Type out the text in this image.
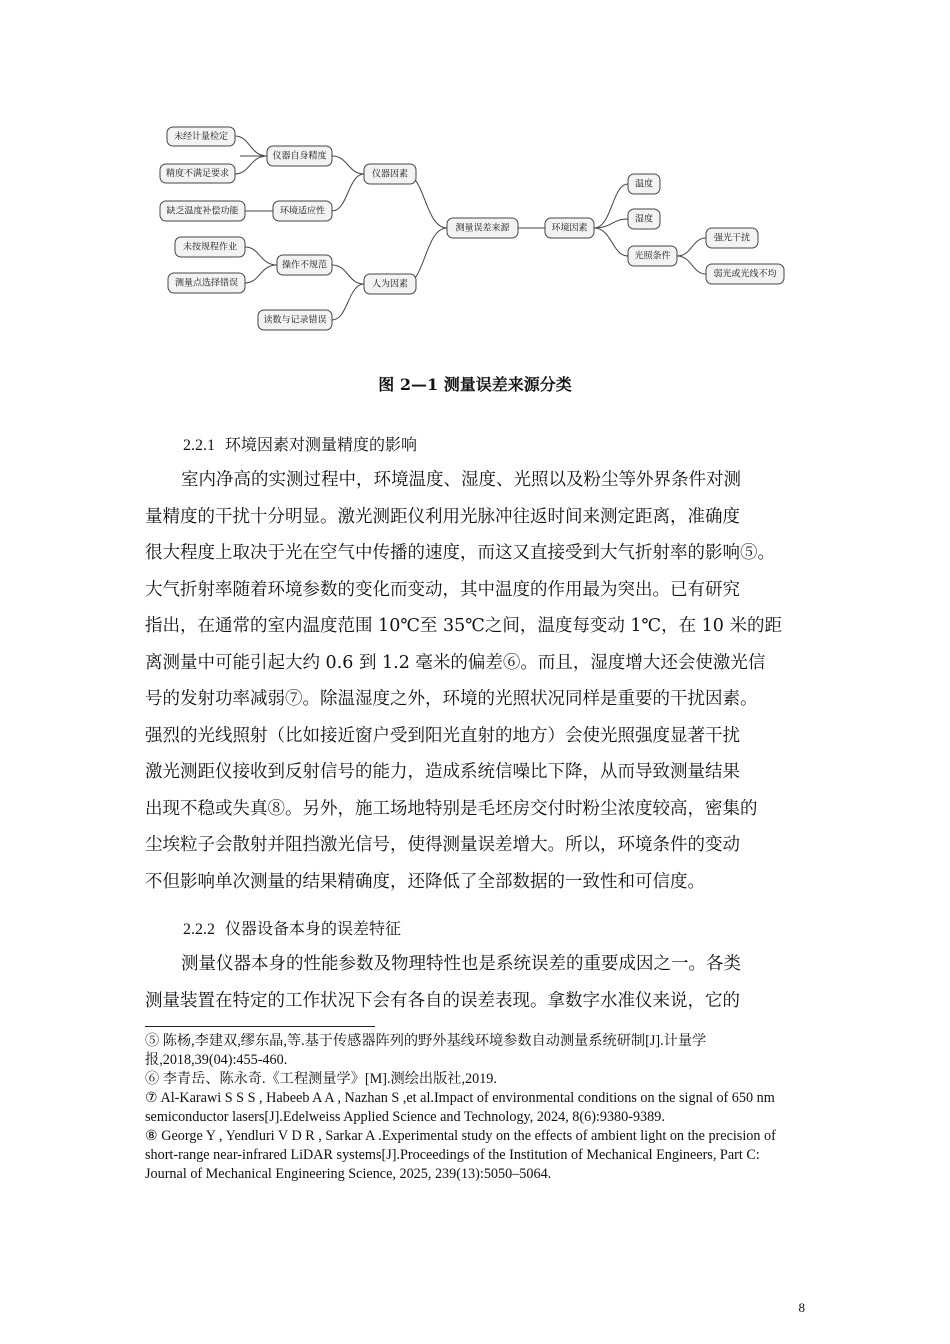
测量误差来源
仪器因素
人为因素
环境因素
仪器自身精度
环境适应性
未经计量检定
精度不满足要求
缺乏温度补偿功能
操作不规范
未按规程作业
测量点选择错误
读数与记录错误
温度
湿度
光照条件
强光干扰
弱光或光线不均
图 2—1 测量误差来源分类
2.2.1 环境因素对测量精度的影响
室内净高的实测过程中，环境温度、湿度、光照以及粉尘等外界条件对测
量精度的干扰十分明显。激光测距仪利用光脉冲往返时间来测定距离，准确度
很大程度上取决于光在空气中传播的速度，而这又直接受到大气折射率的影响⑤。
大气折射率随着环境参数的变化而变动，其中温度的作用最为突出。已有研究
指出，在通常的室内温度范围 10℃至 35℃之间，温度每变动 1℃，在 10 米的距
离测量中可能引起大约 0.6 到 1.2 毫米的偏差⑥。而且，湿度增大还会使激光信
号的发射功率减弱⑦。除温湿度之外，环境的光照状况同样是重要的干扰因素。
强烈的光线照射（比如接近窗户受到阳光直射的地方）会使光照强度显著干扰
激光测距仪接收到反射信号的能力，造成系统信噪比下降，从而导致测量结果
出现不稳或失真⑧。另外，施工场地特别是毛坯房交付时粉尘浓度较高，密集的
尘埃粒子会散射并阻挡激光信号，使得测量误差增大。所以，环境条件的变动
不但影响单次测量的结果精确度，还降低了全部数据的一致性和可信度。
2.2.2 仪器设备本身的误差特征
测量仪器本身的性能参数及物理特性也是系统误差的重要成因之一。各类
测量装置在特定的工作状况下会有各自的误差表现。拿数字水准仪来说，它的
⑤ 陈杨,李建双,缪东晶,等.基于传感器阵列的野外基线环境参数自动测量系统研制[J].计量学报,2018,39(04):455-460.
⑥ 李青岳、陈永奇.《工程测量学》[M].测绘出版社,2019.
⑦ Al-Karawi S S S , Habeeb A A , Nazhan S ,et al.Impact of environmental conditions on the signal of 650 nm semiconductor lasers[J].Edelweiss Applied Science and Technology, 2024, 8(6):9380-9389.
⑧ George Y , Yendluri V D R , Sarkar A .Experimental study on the effects of ambient light on the precision of short-range near-infrared LiDAR systems[J].Proceedings of the Institution of Mechanical Engineers, Part C: Journal of Mechanical Engineering Science, 2025, 239(13):5050–5064.
8
